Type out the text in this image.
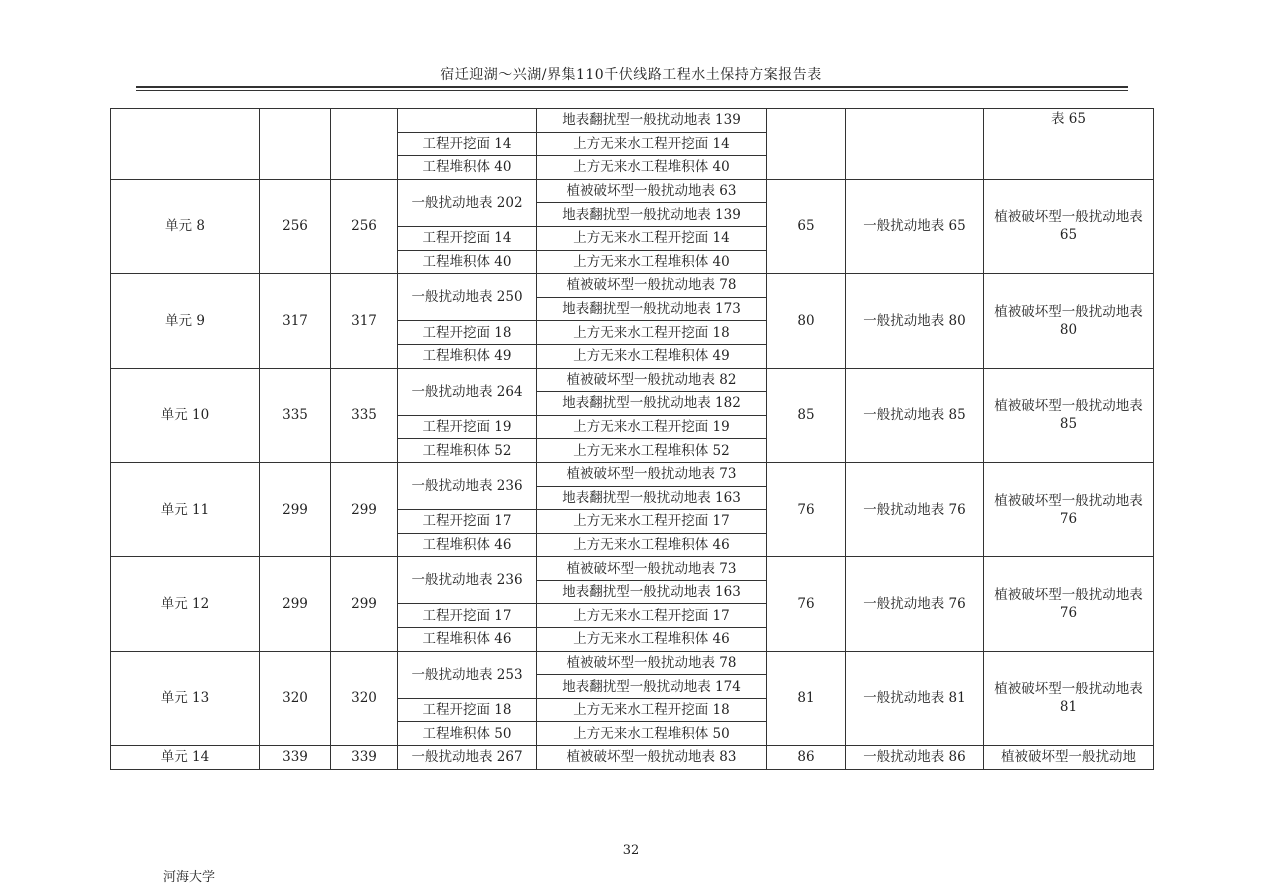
宿迁迎湖～兴湖/界集110千伏线路工程水土保持方案报告表
				地表翻扰型一般扰动地表 139			表 65
			工程开挖面 14	上方无来水工程开挖面 14			
			工程堆积体 40	上方无来水工程堆积体 40			
单元 8	256	256	一般扰动地表 202	植被破坏型一般扰动地表 63	65	一般扰动地表 65	植被破坏型一般扰动地表 65
				地表翻扰型一般扰动地表 139			
			工程开挖面 14	上方无来水工程开挖面 14			
			工程堆积体 40	上方无来水工程堆积体 40			
单元 9	317	317	一般扰动地表 250	植被破坏型一般扰动地表 78	80	一般扰动地表 80	植被破坏型一般扰动地表 80
				地表翻扰型一般扰动地表 173			
			工程开挖面 18	上方无来水工程开挖面 18			
			工程堆积体 49	上方无来水工程堆积体 49			
单元 10	335	335	一般扰动地表 264	植被破坏型一般扰动地表 82	85	一般扰动地表 85	植被破坏型一般扰动地表 85
				地表翻扰型一般扰动地表 182			
			工程开挖面 19	上方无来水工程开挖面 19			
			工程堆积体 52	上方无来水工程堆积体 52			
单元 11	299	299	一般扰动地表 236	植被破坏型一般扰动地表 73	76	一般扰动地表 76	植被破坏型一般扰动地表 76
				地表翻扰型一般扰动地表 163			
			工程开挖面 17	上方无来水工程开挖面 17			
			工程堆积体 46	上方无来水工程堆积体 46			
单元 12	299	299	一般扰动地表 236	植被破坏型一般扰动地表 73	76	一般扰动地表 76	植被破坏型一般扰动地表 76
				地表翻扰型一般扰动地表 163			
			工程开挖面 17	上方无来水工程开挖面 17			
			工程堆积体 46	上方无来水工程堆积体 46			
单元 13	320	320	一般扰动地表 253	植被破坏型一般扰动地表 78	81	一般扰动地表 81	植被破坏型一般扰动地表 81
				地表翻扰型一般扰动地表 174			
			工程开挖面 18	上方无来水工程开挖面 18			
			工程堆积体 50	上方无来水工程堆积体 50			
单元 14	339	339	一般扰动地表 267	植被破坏型一般扰动地表 83	86	一般扰动地表 86	植被破坏型一般扰动地
32
河海大学
